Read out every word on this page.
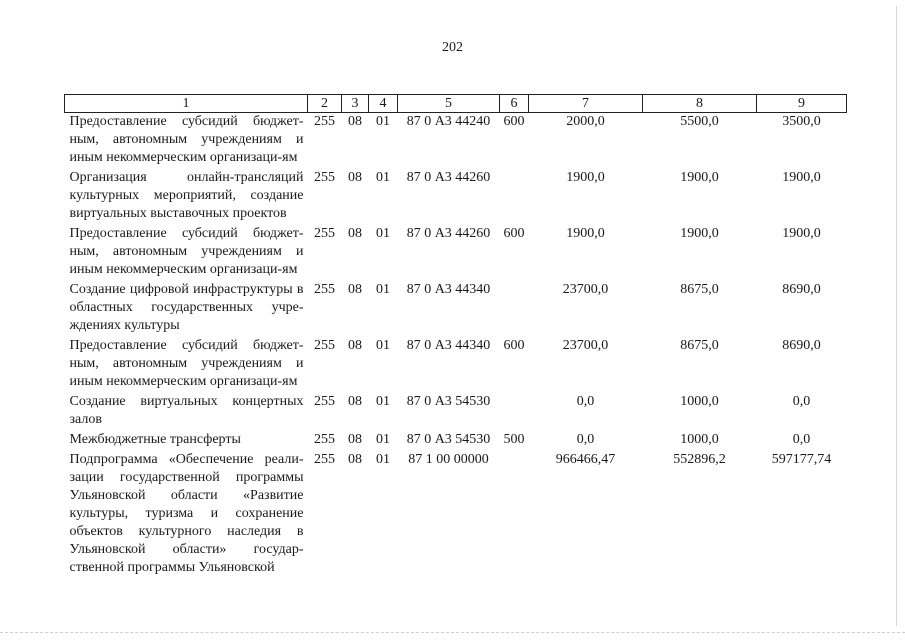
202
1	2	3	4	5	6	7	8	9
Предоставление субсидий бюджет-ным, автономным учреждениям и иным некоммерческим организаци-ям	255	08	01	87 0 А3 44240	600	2000,0	5500,0	3500,0
Организация онлайн-трансляций культурных мероприятий, создание виртуальных выставочных проектов	255	08	01	87 0 А3 44260		1900,0	1900,0	1900,0
Предоставление субсидий бюджет-ным, автономным учреждениям и иным некоммерческим организаци-ям	255	08	01	87 0 А3 44260	600	1900,0	1900,0	1900,0
Создание цифровой инфраструктуры в областных государственных учре-ждениях культуры	255	08	01	87 0 А3 44340		23700,0	8675,0	8690,0
Предоставление субсидий бюджет-ным, автономным учреждениям и иным некоммерческим организаци-ям	255	08	01	87 0 А3 44340	600	23700,0	8675,0	8690,0
Создание виртуальных концертных залов	255	08	01	87 0 А3 54530		0,0	1000,0	0,0
Межбюджетные трансферты	255	08	01	87 0 А3 54530	500	0,0	1000,0	0,0
Подпрограмма «Обеспечение реали-зации государственной программы Ульяновской области «Развитие культуры, туризма и сохранение объектов культурного наследия в Ульяновской области» государ-ственной программы Ульяновской	255	08	01	87 1 00 00000		966466,47	552896,2	597177,74
